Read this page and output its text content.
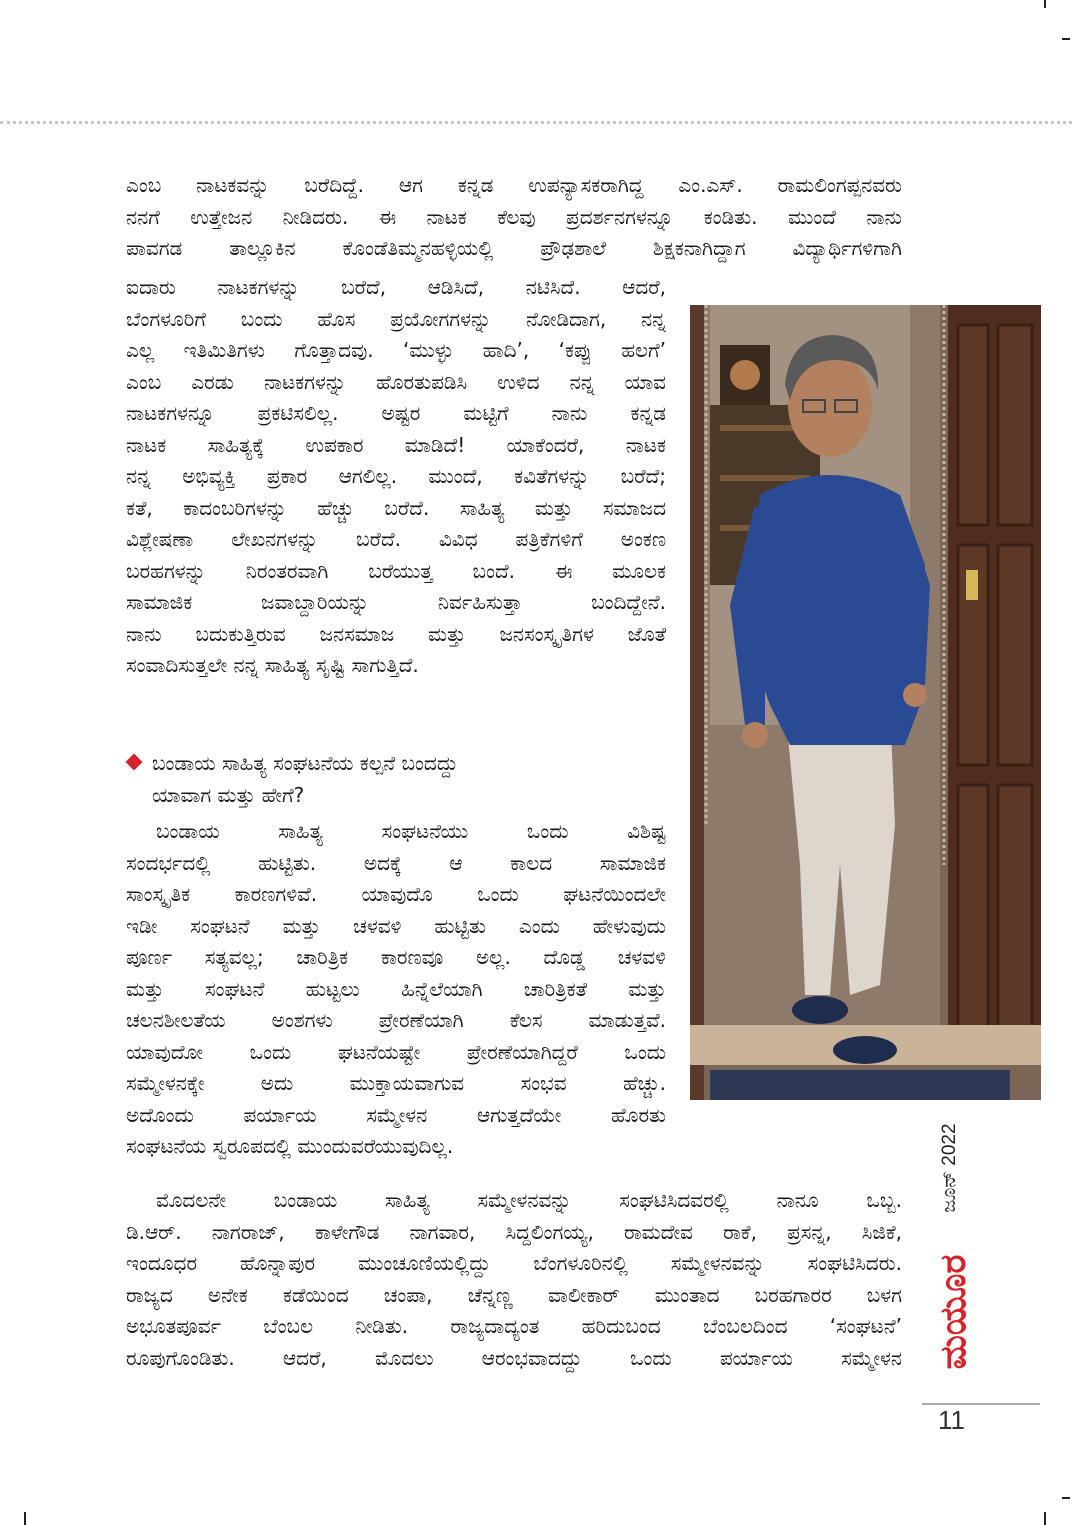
ಎಂಬ ನಾಟಕವನ್ನು ಬರೆದಿದ್ದೆ. ಆಗ ಕನ್ನಡ ಉಪನ್ಯಾಸಕರಾಗಿದ್ದ ಎಂ.ಎಸ್. ರಾಮಲಿಂಗಪ್ಪನವರು
ನನಗೆ ಉತ್ತೇಜನ ನೀಡಿದರು. ಈ ನಾಟಕ ಕೆಲವು ಪ್ರದರ್ಶನಗಳನ್ನೂ ಕಂಡಿತು. ಮುಂದೆ ನಾನು
ಪಾವಗಡ ತಾಲ್ಲೂಕಿನ ಕೊಂಡೆತಿಮ್ಮನಹಳ್ಳಿಯಲ್ಲಿ ಪ್ರೌಢಶಾಲೆ ಶಿಕ್ಷಕನಾಗಿದ್ದಾಗ ವಿದ್ಯಾರ್ಥಿಗಳಿಗಾಗಿ
ಐದಾರು ನಾಟಕಗಳನ್ನು ಬರೆದೆ, ಆಡಿಸಿದೆ, ನಟಿಸಿದೆ. ಆದರೆ,
ಬೆಂಗಳೂರಿಗೆ ಬಂದು ಹೊಸ ಪ್ರಯೋಗಗಳನ್ನು ನೋಡಿದಾಗ, ನನ್ನ
ಎಲ್ಲ ಇತಿಮಿತಿಗಳು ಗೊತ್ತಾದವು. ‘ಮುಳ್ಳು ಹಾದಿ’, ‘ಕಪ್ಪು ಹಲಗೆ’
ಎಂಬ ಎರಡು ನಾಟಕಗಳನ್ನು ಹೊರತುಪಡಿಸಿ ಉಳಿದ ನನ್ನ ಯಾವ
ನಾಟಕಗಳನ್ನೂ ಪ್ರಕಟಿಸಲಿಲ್ಲ. ಅಷ್ಟರ ಮಟ್ಟಿಗೆ ನಾನು ಕನ್ನಡ
ನಾಟಕ ಸಾಹಿತ್ಯಕ್ಕೆ ಉಪಕಾರ ಮಾಡಿದೆ! ಯಾಕೆಂದರೆ, ನಾಟಕ
ನನ್ನ ಅಭಿವ್ಯಕ್ತಿ ಪ್ರಕಾರ ಆಗಲಿಲ್ಲ. ಮುಂದೆ, ಕವಿತೆಗಳನ್ನು ಬರೆದೆ;
ಕತೆ, ಕಾದಂಬರಿಗಳನ್ನು ಹೆಚ್ಚು ಬರೆದೆ. ಸಾಹಿತ್ಯ ಮತ್ತು ಸಮಾಜದ
ವಿಶ್ಲೇಷಣಾ ಲೇಖನಗಳನ್ನು ಬರೆದೆ. ವಿವಿಧ ಪತ್ರಿಕೆಗಳಿಗೆ ಅಂಕಣ
ಬರಹಗಳನ್ನು ನಿರಂತರವಾಗಿ ಬರೆಯುತ್ತ ಬಂದೆ. ಈ ಮೂಲಕ
ಸಾಮಾಜಿಕ ಜವಾಬ್ದಾರಿಯನ್ನು ನಿರ್ವಹಿಸುತ್ತಾ ಬಂದಿದ್ದೇನೆ.
ನಾನು ಬದುಕುತ್ತಿರುವ ಜನಸಮಾಜ ಮತ್ತು ಜನಸಂಸ್ಕೃತಿಗಳ ಜೊತೆ
ಸಂವಾದಿಸುತ್ತಲೇ ನನ್ನ ಸಾಹಿತ್ಯ ಸೃಷ್ಟಿ ಸಾಗುತ್ತಿದೆ.
ಬಂಡಾಯ ಸಾಹಿತ್ಯ ಸಂಘಟನೆಯ ಕಲ್ಪನೆ ಬಂದದ್ದು
ಯಾವಾಗ ಮತ್ತು ಹೇಗೆ?
ಬಂಡಾಯ ಸಾಹಿತ್ಯ ಸಂಘಟನೆಯು ಒಂದು ವಿಶಿಷ್ಟ
ಸಂದರ್ಭದಲ್ಲಿ ಹುಟ್ಟಿತು. ಅದಕ್ಕೆ ಆ ಕಾಲದ ಸಾಮಾಜಿಕ
ಸಾಂಸ್ಕೃತಿಕ ಕಾರಣಗಳಿವೆ. ಯಾವುದೊ ಒಂದು ಘಟನೆಯಿಂದಲೇ
ಇಡೀ ಸಂಘಟನೆ ಮತ್ತು ಚಳವಳಿ ಹುಟ್ಟಿತು ಎಂದು ಹೇಳುವುದು
ಪೂರ್ಣ ಸತ್ಯವಲ್ಲ; ಚಾರಿತ್ರಿಕ ಕಾರಣವೂ ಅಲ್ಲ. ದೊಡ್ಡ ಚಳವಳಿ
ಮತ್ತು ಸಂಘಟನೆ ಹುಟ್ಟಲು ಹಿನ್ನೆಲೆಯಾಗಿ ಚಾರಿತ್ರಿಕತೆ ಮತ್ತು
ಚಲನಶೀಲತೆಯ ಅಂಶಗಳು ಪ್ರೇರಣೆಯಾಗಿ ಕೆಲಸ ಮಾಡುತ್ತವೆ.
ಯಾವುದೋ ಒಂದು ಘಟನೆಯಷ್ಟೇ ಪ್ರೇರಣೆಯಾಗಿದ್ದರೆ ಒಂದು
ಸಮ್ಮೇಳನಕ್ಕೇ ಅದು ಮುಕ್ತಾಯವಾಗುವ ಸಂಭವ ಹೆಚ್ಚು.
ಅದೊಂದು ಪರ್ಯಾಯ ಸಮ್ಮೇಳನ ಆಗುತ್ತದೆಯೇ ಹೊರತು
ಸಂಘಟನೆಯ ಸ್ವರೂಪದಲ್ಲಿ ಮುಂದುವರೆಯುವುದಿಲ್ಲ.
ಮೊದಲನೇ ಬಂಡಾಯ ಸಾಹಿತ್ಯ ಸಮ್ಮೇಳನವನ್ನು ಸಂಘಟಿಸಿದವರಲ್ಲಿ ನಾನೂ ಒಬ್ಬ.
ಡಿ.ಆರ್. ನಾಗರಾಜ್, ಕಾಳೇಗೌಡ ನಾಗವಾರ, ಸಿದ್ದಲಿಂಗಯ್ಯ, ರಾಮದೇವ ರಾಕೆ, ಪ್ರಸನ್ನ, ಸಿಜಿಕೆ,
ಇಂದೂಧರ ಹೊನ್ನಾಪುರ ಮುಂಚೂಣಿಯಲ್ಲಿದ್ದು ಬೆಂಗಳೂರಿನಲ್ಲಿ ಸಮ್ಮೇಳನವನ್ನು ಸಂಘಟಿಸಿದರು.
ರಾಜ್ಯದ ಅನೇಕ ಕಡೆಯಿಂದ ಚಂಪಾ, ಚೆನ್ನಣ್ಣ ವಾಲೀಕಾರ್ ಮುಂತಾದ ಬರಹಗಾರರ ಬಳಗ
ಅಭೂತಪೂರ್ವ ಬೆಂಬಲ ನೀಡಿತು. ರಾಜ್ಯದಾದ್ಯಂತ ಹರಿದುಬಂದ ಬೆಂಬಲದಿಂದ ‘ಸಂಘಟನೆ’
ರೂಪುಗೊಂಡಿತು. ಆದರೆ, ಮೊದಲು ಆರಂಭವಾದದ್ದು ಒಂದು ಪರ್ಯಾಯ ಸಮ್ಮೇಳನ
ಜೂನ್ 2022
ಮಯೂರ
11
